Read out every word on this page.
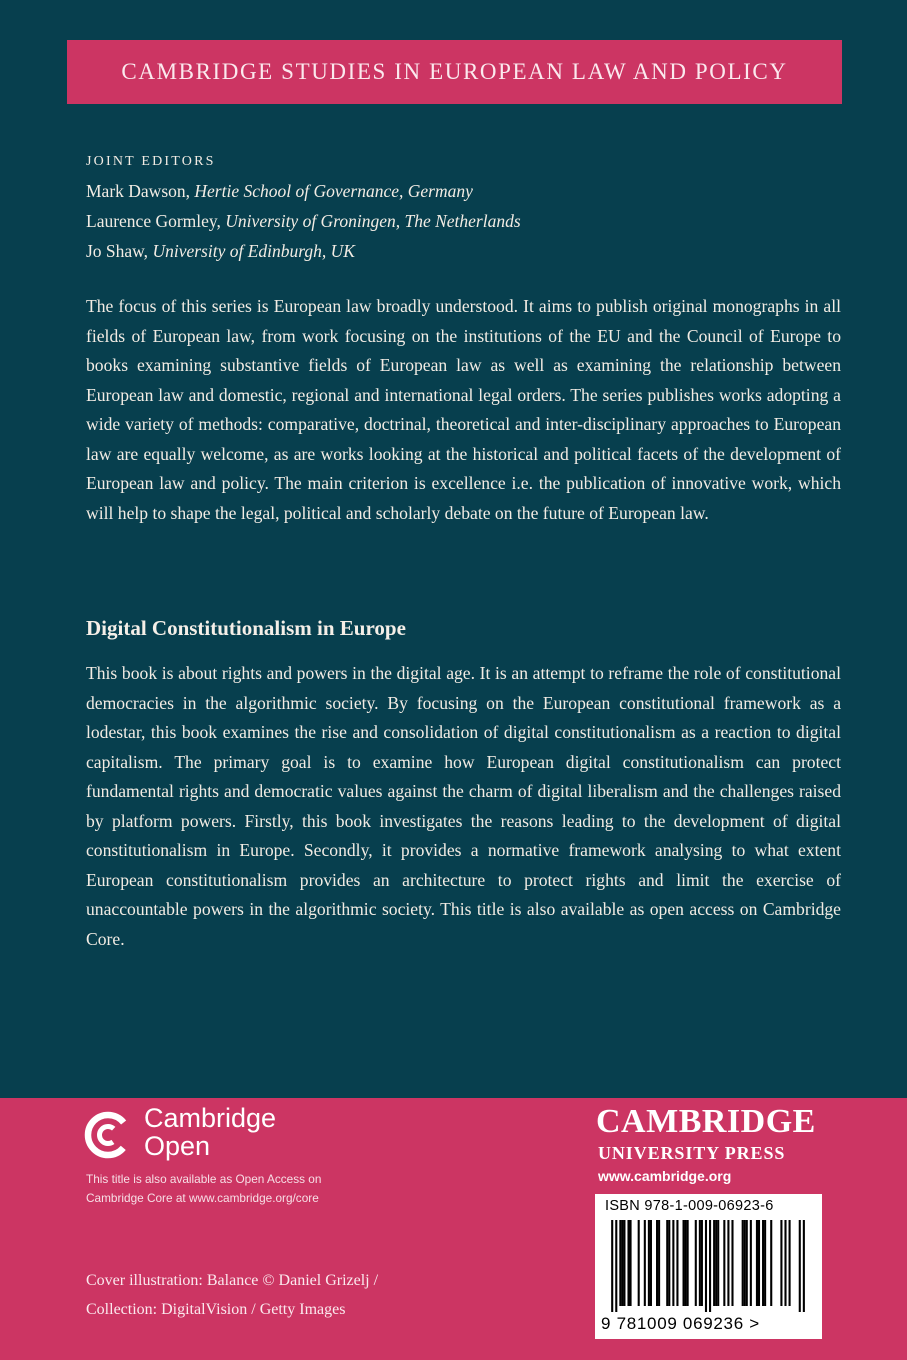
CAMBRIDGE STUDIES IN EUROPEAN LAW AND POLICY
JOINT EDITORS
Mark Dawson, Hertie School of Governance, Germany
Laurence Gormley, University of Groningen, The Netherlands
Jo Shaw, University of Edinburgh, UK
The focus of this series is European law broadly understood. It aims to publish original monographs in all fields of European law, from work focusing on the institutions of the EU and the Council of Europe to books examining substantive fields of European law as well as examining the relationship between European law and domestic, regional and international legal orders. The series publishes works adopting a wide variety of methods: comparative, doctrinal, theoretical and inter-disciplinary approaches to European law are equally welcome, as are works looking at the historical and political facets of the development of European law and policy. The main criterion is excellence i.e. the publication of innovative work, which will help to shape the legal, political and scholarly debate on the future of European law.
Digital Constitutionalism in Europe
This book is about rights and powers in the digital age. It is an attempt to reframe the role of constitutional democracies in the algorithmic society. By focusing on the European constitutional framework as a lodestar, this book examines the rise and consolidation of digital constitutionalism as a reaction to digital capitalism. The primary goal is to examine how European digital constitutionalism can protect fundamental rights and democratic values against the charm of digital liberalism and the challenges raised by platform powers. Firstly, this book investigates the reasons leading to the development of digital constitutionalism in Europe. Secondly, it provides a normative framework analysing to what extent European constitutionalism provides an architecture to protect rights and limit the exercise of unaccountable powers in the algorithmic society. This title is also available as open access on Cambridge Core.
Cambridge
Open
This title is also available as Open Access on
Cambridge Core at www.cambridge.org/core
Cover illustration: Balance © Daniel Grizelj /
Collection: DigitalVision / Getty Images
CAMBRIDGE
UNIVERSITY PRESS
www.cambridge.org
ISBN 978-1-009-06923-6
9 781009 069236 >
